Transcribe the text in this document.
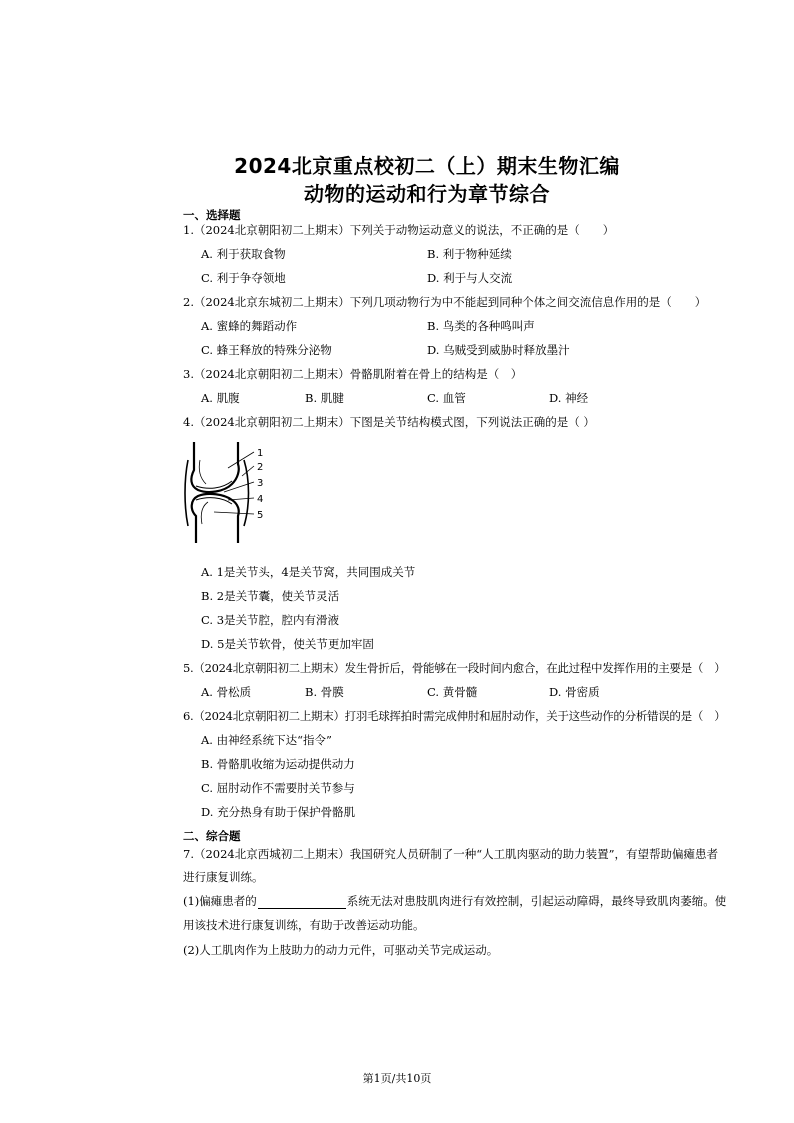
2024北京重点校初二（上）期末生物汇编
动物的运动和行为章节综合
一、选择题
1.（2024北京朝阳初二上期末）下列关于动物运动意义的说法，不正确的是（　　）
A. 利于获取食物	B. 利于物种延续
C. 利于争夺领地	D. 利于与人交流
2.（2024北京东城初二上期末）下列几项动物行为中不能起到同种个体之间交流信息作用的是（　　）
A. 蜜蜂的舞蹈动作	B. 鸟类的各种鸣叫声
C. 蜂王释放的特殊分泌物	D. 乌贼受到威胁时释放墨汁
3.（2024北京朝阳初二上期末）骨骼肌附着在骨上的结构是（　）
A. 肌腹	B. 肌腱	C. 血管	D. 神经
4.（2024北京朝阳初二上期末）下图是关节结构模式图，下列说法正确的是（ ）
1
2
3
4
5
A. 1是关节头，4是关节窝，共同围成关节
B. 2是关节囊，使关节灵活
C. 3是关节腔，腔内有滑液
D. 5是关节软骨，使关节更加牢固
5.（2024北京朝阳初二上期末）发生骨折后，骨能够在一段时间内愈合，在此过程中发挥作用的主要是（　）
A. 骨松质	B. 骨膜	C. 黄骨髓	D. 骨密质
6.（2024北京朝阳初二上期末）打羽毛球挥拍时需完成伸肘和屈肘动作，关于这些动作的分析错误的是（　）
A. 由神经系统下达“指令”
B. 骨骼肌收缩为运动提供动力
C. 屈肘动作不需要肘关节参与
D. 充分热身有助于保护骨骼肌
二、综合题
7.（2024北京西城初二上期末）我国研究人员研制了一种“人工肌肉驱动的助力装置”，有望帮助偏瘫患者
进行康复训练。
(1)偏瘫患者的	系统无法对患肢肌肉进行有效控制，引起运动障碍，最终导致肌肉萎缩。使
用该技术进行康复训练，有助于改善运动功能。
(2)人工肌肉作为上肢助力的动力元件，可驱动关节完成运动。
第1页/共10页
